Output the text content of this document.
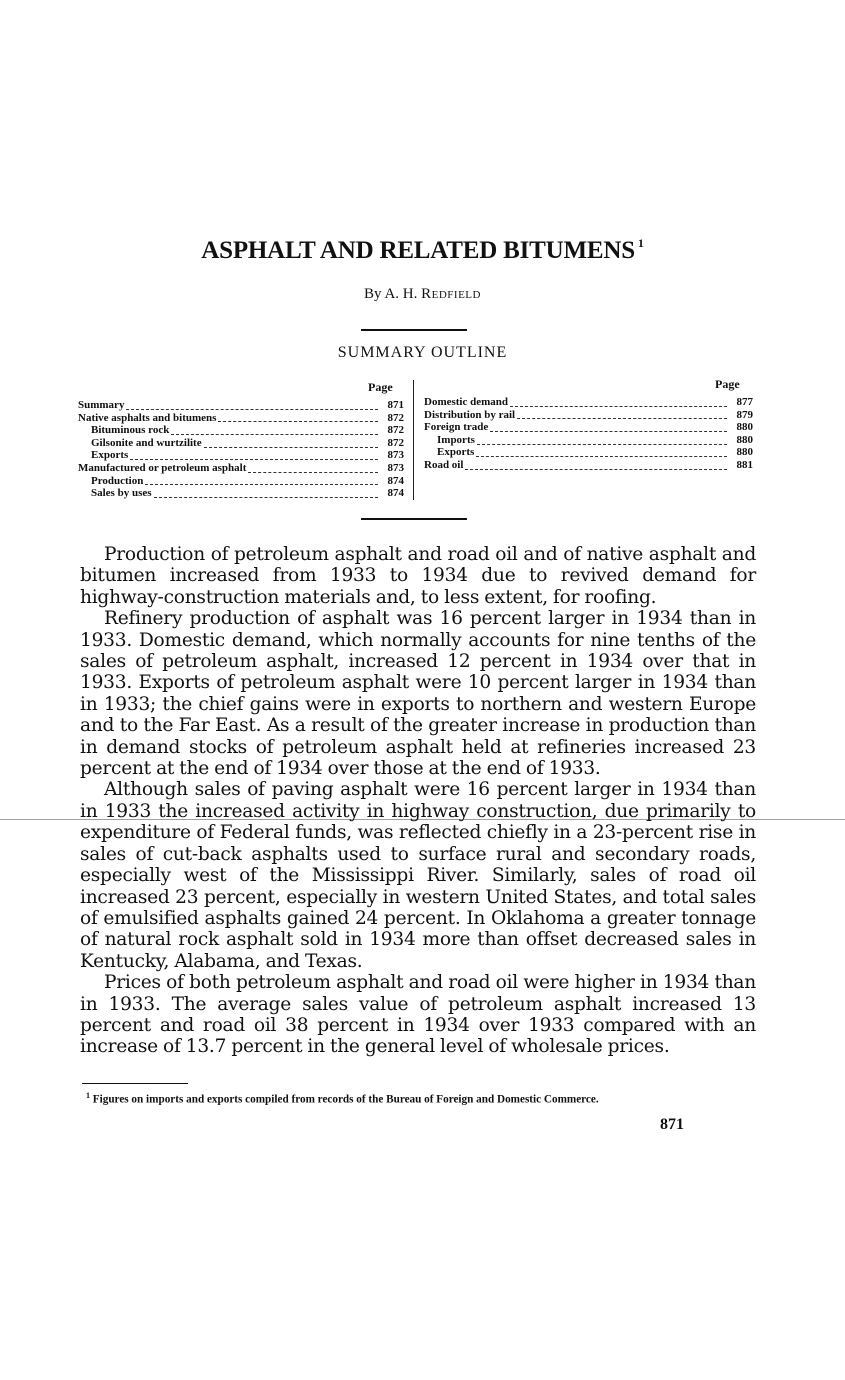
ASPHALT AND RELATED BITUMENS $^1$
By A. H. Redfield
SUMMARY OUTLINE
Page	Page
Summary	871
Native asphalts and bitumens	872
Bituminous rock	872
Gilsonite and wurtzilite	872
Exports	873
Manufactured or petroleum asphalt	873
Production	874
Sales by uses	874
Domestic demand	877
Distribution by rail	879
Foreign trade	880
Imports	880
Exports	880
Road oil	881

Production of petroleum asphalt and road oil and of native asphalt and bitumen increased from 1933 to 1934 due to revived demand for highway-construction materials and, to less extent, for roofing.

Refinery production of asphalt was 16 percent larger in 1934 than in 1933. Domestic demand, which normally accounts for nine tenths of the sales of petroleum asphalt, increased 12 percent in 1934 over that in 1933. Exports of petroleum asphalt were 10 percent larger in 1934 than in 1933; the chief gains were in exports to northern and western Europe and to the Far East. As a result of the greater increase in production than in demand stocks of petroleum asphalt held at refineries increased 23 percent at the end of 1934 over those at the end of 1933.

Although sales of paving asphalt were 16 percent larger in 1934 than in 1933 the increased activity in highway construction, due primarily to expenditure of Federal funds, was reflected chiefly in a 23-percent rise in sales of cut-back asphalts used to surface rural and secondary roads, especially west of the Mississippi River. Similarly, sales of road oil increased 23 percent, especially in western United States, and total sales of emulsified asphalts gained 24 percent. In Oklahoma a greater tonnage of natural rock asphalt sold in 1934 more than offset decreased sales in Kentucky, Alabama, and Texas.

Prices of both petroleum asphalt and road oil were higher in 1934 than in 1933. The average sales value of petroleum asphalt increased 13 percent and road oil 38 percent in 1934 over 1933 compared with an increase of 13.7 percent in the general level of wholesale prices.

$^1$ Figures on imports and exports compiled from records of the Bureau of Foreign and Domestic Commerce.
871
